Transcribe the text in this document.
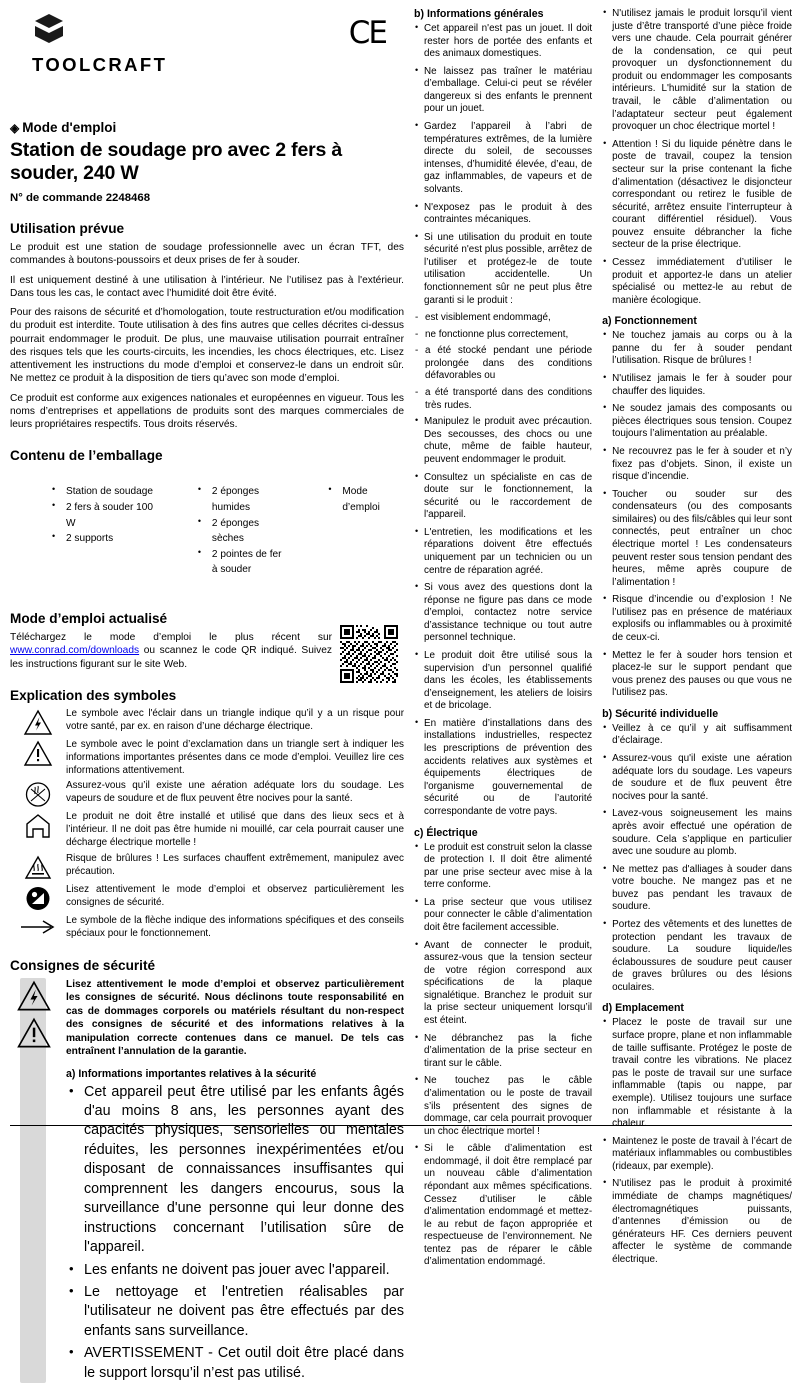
TOOLCRAFT
CE
◈ Mode d'emploi
Station de soudage pro avec 2 fers à souder, 240 W
N° de commande 2248468
Utilisation prévue

Le produit est une station de soudage professionnelle avec un écran TFT, des commandes à boutons-poussoirs et deux prises de fer à souder.

Il est uniquement destiné à une utilisation à l’intérieur. Ne l’utilisez pas à l'extérieur. Dans tous les cas, le contact avec l’humidité doit être évité.

Pour des raisons de sécurité et d’homologation, toute restructuration et/ou modification du produit est interdite. Toute utilisation à des fins autres que celles décrites ci-dessus pourrait endommager le produit. De plus, une mauvaise utilisation pourrait entraîner des risques tels que les courts-circuits, les incendies, les chocs électriques, etc. Lisez attentivement les instructions du mode d’emploi et conservez-le dans un endroit sûr. Ne mettez ce produit à la disposition de tiers qu’avec son mode d’emploi.

Ce produit est conforme aux exigences nationales et européennes en vigueur. Tous les noms d’entreprises et appellations de produits sont des marques commerciales de leurs propriétaires respectifs. Tous droits réservés.

Contenu de l’emballage
• Station de soudage
• 2 fers à souder 100 W
• 2 supports
• 2 éponges humides
• 2 éponges sèches
• 2 pointes de fer à souder
• Mode d’emploi
Mode d’emploi actualisé

Téléchargez le mode d’emploi le plus récent sur www.conrad.com/downloads ou scannez le code QR indiqué. Suivez les instructions figurant sur le site Web.

Explication des symboles
Le symbole avec l'éclair dans un triangle indique qu’il y a un risque pour votre santé, par ex. en raison d’une décharge électrique.
Le symbole avec le point d’exclamation dans un triangle sert à indiquer les informations importantes présentes dans ce mode d’emploi. Veuillez lire ces informations attentivement.
Assurez-vous qu’il existe une aération adéquate lors du soudage. Les vapeurs de soudure et de flux peuvent être nocives pour la santé.
Le produit ne doit être installé et utilisé que dans des lieux secs et à l’intérieur. Il ne doit pas être humide ni mouillé, car cela pourrait causer une décharge électrique mortelle !
Risque de brûlures ! Les surfaces chauffent extrêmement, manipulez avec précaution.
Lisez attentivement le mode d’emploi et observez particulièrement les consignes de sécurité.
Le symbole de la flèche indique des informations spécifiques et des conseils spéciaux pour le fonctionnement.
Consignes de sécurité

Lisez attentivement le mode d’emploi et observez particulièrement les consignes de sécurité. Nous déclinons toute responsabilité en cas de dommages corporels ou matériels résultant du non-respect des consignes de sécurité et des informations relatives à la manipulation correcte contenues dans ce manuel. De tels cas entraînent l’annulation de la garantie.
a) Informations importantes relatives à la sécurité
• Cet appareil peut être utilisé par les enfants âgés d'au moins 8 ans, les personnes ayant des capacités physiques, sensorielles ou mentales réduites, les personnes inexpérimentées et/ou disposant de connaissances insuffisantes qui comprennent les dangers encourus, sous la surveillance d'une personne qui leur donne des instructions concernant l’utilisation sûre de l'appareil.
• Les enfants ne doivent pas jouer avec l'appareil.
• Le nettoyage et l'entretien réalisables par l'utilisateur ne doivent pas être effectués par des enfants sans surveillance.
• AVERTISSEMENT - Cet outil doit être placé dans le support lorsqu’il n’est pas utilisé.
b) Informations générales
• Cet appareil n'est pas un jouet. Il doit rester hors de portée des enfants et des animaux domestiques.
• Ne laissez pas traîner le matériau d’emballage. Celui-ci peut se révéler dangereux si des enfants le prennent pour un jouet.
• Gardez l’appareil à l’abri de températures extrêmes, de la lumière directe du soleil, de secousses intenses, d’humidité élevée, d’eau, de gaz inflammables, de vapeurs et de solvants.
• N'exposez pas le produit à des contraintes mécaniques.
• Si une utilisation du produit en toute sécurité n'est plus possible, arrêtez de l’utiliser et protégez-le de toute utilisation accidentelle. Un fonctionnement sûr ne peut plus être garanti si le produit :
- est visiblement endommagé,
- ne fonctionne plus correctement,
- a été stocké pendant une période prolongée dans des conditions défavorables ou
- a été transporté dans des conditions très rudes.
• Manipulez le produit avec précaution. Des secousses, des chocs ou une chute, même de faible hauteur, peuvent endommager le produit.
• Consultez un spécialiste en cas de doute sur le fonctionnement, la sécurité ou le raccordement de l'appareil.
• L'entretien, les modifications et les réparations doivent être effectués uniquement par un technicien ou un centre de réparation agréé.
• Si vous avez des questions dont la réponse ne figure pas dans ce mode d’emploi, contactez notre service d’assistance technique ou tout autre personnel technique.
• Le produit doit être utilisé sous la supervision d’un personnel qualifié dans les écoles, les établissements d’enseignement, les ateliers de loisirs et de bricolage.
• En matière d’installations dans des installations industrielles, respectez les prescriptions de prévention des accidents relatives aux systèmes et équipements électriques de l'organisme gouvernemental de sécurité ou de l’autorité correspondante de votre pays.
c) Électrique
• Le produit est construit selon la classe de protection I. Il doit être alimenté par une prise secteur avec mise à la terre conforme.
• La prise secteur que vous utilisez pour connecter le câble d’alimentation doit être facilement accessible.
• Avant de connecter le produit, assurez-vous que la tension secteur de votre région correspond aux spécifications de la plaque signalétique. Branchez le produit sur la prise secteur uniquement lorsqu’il est éteint.
• Ne débranchez pas la fiche d’alimentation de la prise secteur en tirant sur le câble.
• Ne touchez pas le câble d’alimentation ou le poste de travail s’ils présentent des signes de dommage, car cela pourrait provoquer un choc électrique mortel !
• Si le câble d’alimentation est endommagé, il doit être remplacé par un nouveau câble d’alimentation répondant aux mêmes spécifications. Cessez d’utiliser le câble d’alimentation endommagé et mettez-le au rebut de façon appropriée et respectueuse de l’environnement. Ne tentez pas de réparer le câble d’alimentation endommagé.
• N'utilisez jamais le produit lorsqu’il vient juste d’être transporté d’une pièce froide vers une chaude. Cela pourrait générer de la condensation, ce qui peut provoquer un dysfonctionnement du produit ou endommager les composants intérieurs. L'humidité sur la station de travail, le câble d’alimentation ou l’adaptateur secteur peut également provoquer un choc électrique mortel !
• Attention ! Si du liquide pénètre dans le poste de travail, coupez la tension secteur sur la prise contenant la fiche d’alimentation (désactivez le disjoncteur correspondant ou retirez le fusible de sécurité, arrêtez ensuite l’interrupteur à courant différentiel résiduel). Vous pouvez ensuite débrancher la fiche secteur de la prise électrique.
• Cessez immédiatement d’utiliser le produit et apportez-le dans un atelier spécialisé ou mettez-le au rebut de manière écologique.
a) Fonctionnement
• Ne touchez jamais au corps ou à la panne du fer à souder pendant l’utilisation. Risque de brûlures !
• N'utilisez jamais le fer à souder pour chauffer des liquides.
• Ne soudez jamais des composants ou pièces électriques sous tension. Coupez toujours l’alimentation au préalable.
• Ne recouvrez pas le fer à souder et n’y fixez pas d’objets. Sinon, il existe un risque d’incendie.
• Toucher ou souder sur des condensateurs (ou des composants similaires) ou des fils/câbles qui leur sont connectés, peut entraîner un choc électrique mortel ! Les condensateurs peuvent rester sous tension pendant des heures, même après coupure de l’alimentation !
• Risque d’incendie ou d’explosion ! Ne l’utilisez pas en présence de matériaux explosifs ou inflammables ou à proximité de ceux-ci.
• Mettez le fer à souder hors tension et placez-le sur le support pendant que vous prenez des pauses ou que vous ne l'utilisez pas.
b) Sécurité individuelle
• Veillez à ce qu’il y ait suffisamment d’éclairage.
• Assurez-vous qu'il existe une aération adéquate lors du soudage. Les vapeurs de soudure et de flux peuvent être nocives pour la santé.
• Lavez-vous soigneusement les mains après avoir effectué une opération de soudure. Cela s’applique en particulier avec une soudure au plomb.
• Ne mettez pas d'alliages à souder dans votre bouche. Ne mangez pas et ne buvez pas pendant les travaux de soudure.
• Portez des vêtements et des lunettes de protection pendant les travaux de soudure. La soudure liquide/les éclaboussures de soudure peut causer de graves brûlures ou des lésions oculaires.
d) Emplacement
• Placez le poste de travail sur une surface propre, plane et non inflammable de taille suffisante. Protégez le poste de travail contre les vibrations. Ne placez pas le poste de travail sur une surface inflammable (tapis ou nappe, par exemple). Utilisez toujours une surface non inflammable et résistante à la chaleur.
• Maintenez le poste de travail à l’écart de matériaux inflammables ou combustibles (rideaux, par exemple).
• N'utilisez pas le produit à proximité immédiate de champs magnétiques/électromagnétiques puissants, d’antennes d’émission ou de générateurs HF. Ces derniers peuvent affecter le système de commande électrique.
